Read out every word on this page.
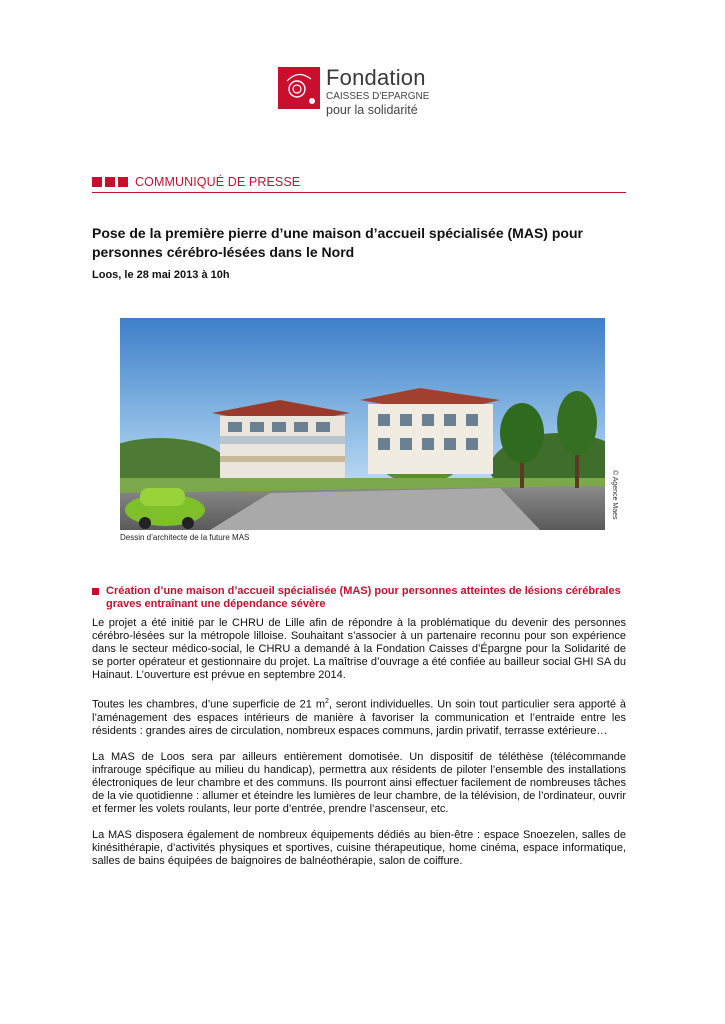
Fondation
CAISSES D'EPARGNE
pour la solidarité
COMMUNIQUÉ DE PRESSE
Pose de la première pierre d’une maison d’accueil spécialisée (MAS) pour personnes cérébro-lésées dans le Nord

Loos, le 28 mai 2013 à 10h

© Agence Maes

Dessin d’architecte de la future MAS

Création d’une maison d’accueil spécialisée (MAS) pour personnes atteintes de lésions cérébrales graves entraînant une dépendance sévère

Le projet a été initié par le CHRU de Lille afin de répondre à la problématique du devenir des personnes cérébro-lésées sur la métropole lilloise. Souhaitant s’associer à un partenaire reconnu pour son expérience dans le secteur médico-social, le CHRU a demandé à la Fondation Caisses d’Épargne pour la Solidarité de se porter opérateur et gestionnaire du projet. La maîtrise d’ouvrage a été confiée au bailleur social GHI SA du Hainaut. L’ouverture est prévue en septembre 2014.

Toutes les chambres, d’une superficie de 21 $m^2$, seront individuelles. Un soin tout particulier sera apporté à l’aménagement des espaces intérieurs de manière à favoriser la communication et l’entraide entre les résidents : grandes aires de circulation, nombreux espaces communs, jardin privatif, terrasse extérieure…

La MAS de Loos sera par ailleurs entièrement domotisée. Un dispositif de téléthèse (télécommande infrarouge spécifique au milieu du handicap), permettra aux résidents de piloter l’ensemble des installations électroniques de leur chambre et des communs. Ils pourront ainsi effectuer facilement de nombreuses tâches de la vie quotidienne : allumer et éteindre les lumières de leur chambre, de la télévision, de l’ordinateur, ouvrir et fermer les volets roulants, leur porte d’entrée, prendre l’ascenseur, etc.

La MAS disposera également de nombreux équipements dédiés au bien-être : espace Snoezelen, salles de kinésithérapie, d’activités physiques et sportives, cuisine thérapeutique, home cinéma, espace informatique, salles de bains équipées de baignoires de balnéothérapie, salon de coiffure.
